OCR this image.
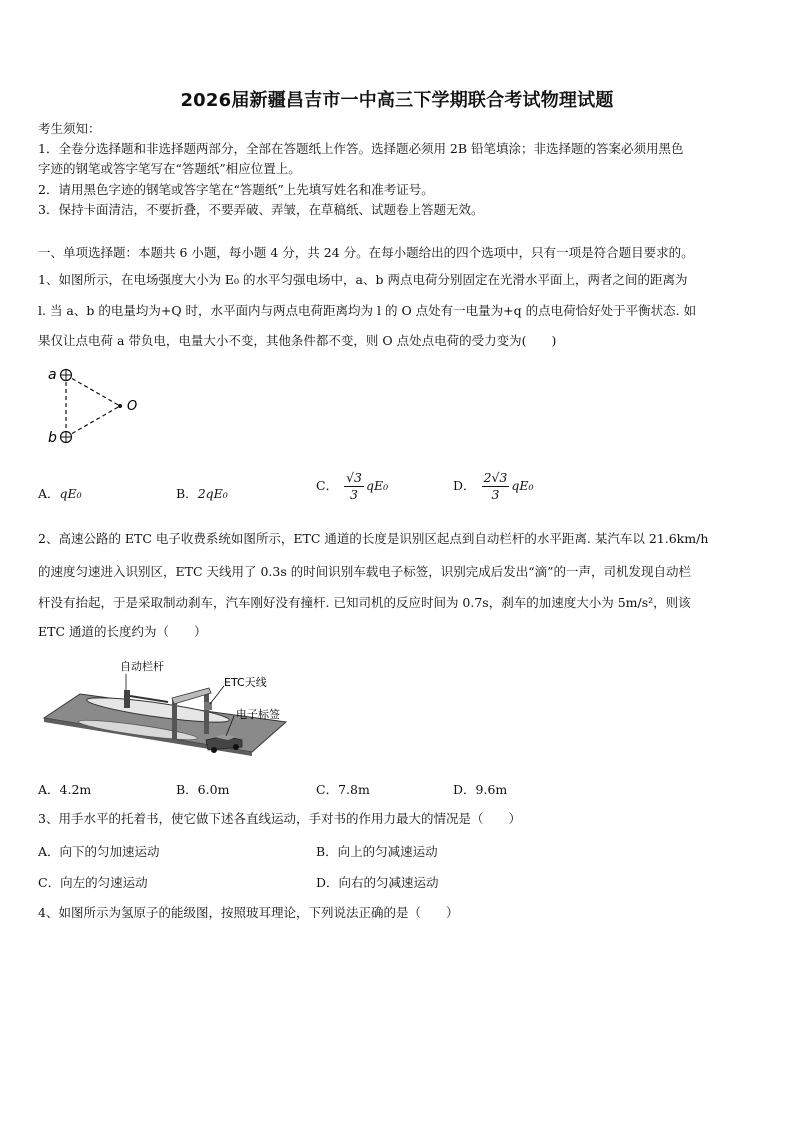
2026届新疆昌吉市一中高三下学期联合考试物理试题
考生须知：
1．全卷分选择题和非选择题两部分，全部在答题纸上作答。选择题必须用 2B 铅笔填涂；非选择题的答案必须用黑色
字迹的钢笔或答字笔写在“答题纸”相应位置上。
2．请用黑色字迹的钢笔或答字笔在“答题纸”上先填写姓名和准考证号。
3．保持卡面清洁，不要折叠，不要弄破、弄皱，在草稿纸、试题卷上答题无效。
一、单项选择题：本题共 6 小题，每小题 4 分，共 24 分。在每小题给出的四个选项中，只有一项是符合题目要求的。
1、如图所示，在电场强度大小为 E₀ 的水平匀强电场中，a、b 两点电荷分别固定在光滑水平面上，两者之间的距离为
l. 当 a、b 的电量均为+Q 时，水平面内与两点电荷距离均为 l 的 O 点处有一电量为+q 的点电荷恰好处于平衡状态. 如
果仅让点电荷 a 带负电，电量大小不变，其他条件都不变，则 O 点处点电荷的受力变为(　　)
a
b
O
A．qE₀	B．2qE₀
C． $\frac{√3}{3} qE_0$	D． $\frac{2√3}{3} qE_0$
2、高速公路的 ETC 电子收费系统如图所示，ETC 通道的长度是识别区起点到自动栏杆的水平距离. 某汽车以 21.6km/h
的速度匀速进入识别区，ETC 天线用了 0.3s 的时间识别车载电子标签，识别完成后发出“滴”的一声，司机发现自动栏
杆没有抬起，于是采取制动刹车，汽车刚好没有撞杆. 已知司机的反应时间为 0.7s，刹车的加速度大小为 5m/s²，则该
ETC 通道的长度约为（　　）
自动栏杆
ETC天线
电子标签
A．4.2m	B．6.0m	C．7.8m	D．9.6m
3、用手水平的托着书，使它做下述各直线运动，手对书的作用力最大的情况是（　　）
A．向下的匀加速运动	B．向上的匀减速运动
C．向左的匀速运动	D．向右的匀减速运动
4、如图所示为氢原子的能级图，按照玻耳理论，下列说法正确的是（　　）
